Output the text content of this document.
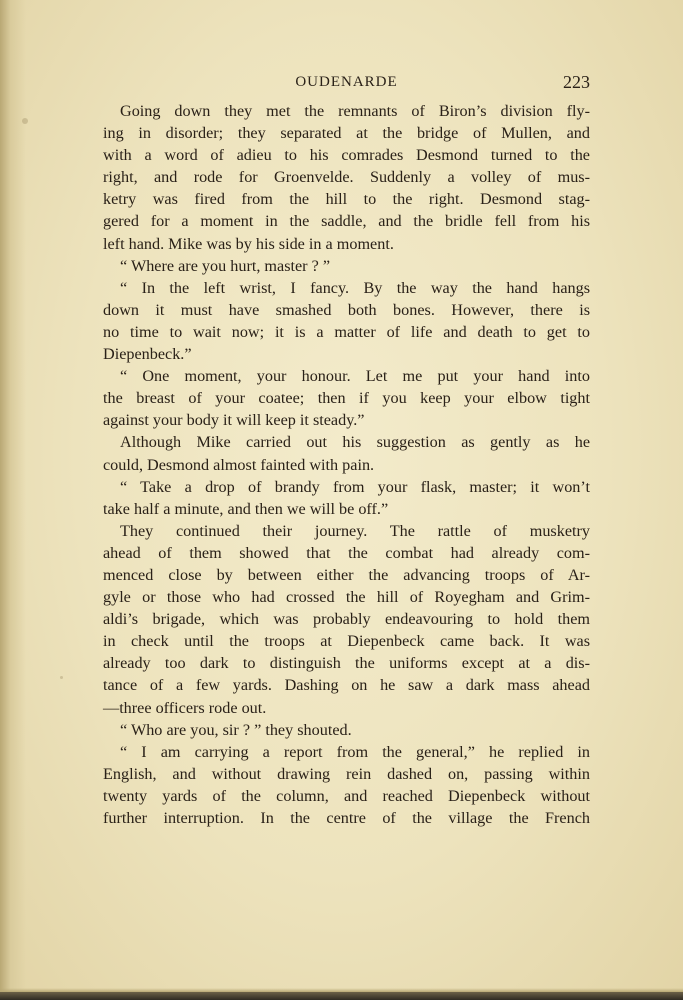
OUDENARDE	223
Going down they met the remnants of Biron’s division fly-
ing in disorder; they separated at the bridge of Mullen, and
with a word of adieu to his comrades Desmond turned to the
right, and rode for Groenvelde. Suddenly a volley of mus-
ketry was fired from the hill to the right. Desmond stag-
gered for a moment in the saddle, and the bridle fell from his
left hand. Mike was by his side in a moment.
“ Where are you hurt, master ? ”
“ In the left wrist, I fancy. By the way the hand hangs
down it must have smashed both bones. However, there is
no time to wait now; it is a matter of life and death to get to
Diepenbeck.”
“ One moment, your honour. Let me put your hand into
the breast of your coatee; then if you keep your elbow tight
against your body it will keep it steady.”
Although Mike carried out his suggestion as gently as he
could, Desmond almost fainted with pain.
“ Take a drop of brandy from your flask, master; it won’t
take half a minute, and then we will be off.”
They continued their journey. The rattle of musketry
ahead of them showed that the combat had already com-
menced close by between either the advancing troops of Ar-
gyle or those who had crossed the hill of Royegham and Grim-
aldi’s brigade, which was probably endeavouring to hold them
in check until the troops at Diepenbeck came back. It was
already too dark to distinguish the uniforms except at a dis-
tance of a few yards. Dashing on he saw a dark mass ahead
—three officers rode out.
“ Who are you, sir ? ” they shouted.
“ I am carrying a report from the general,” he replied in
English, and without drawing rein dashed on, passing within
twenty yards of the column, and reached Diepenbeck without
further interruption. In the centre of the village the French
